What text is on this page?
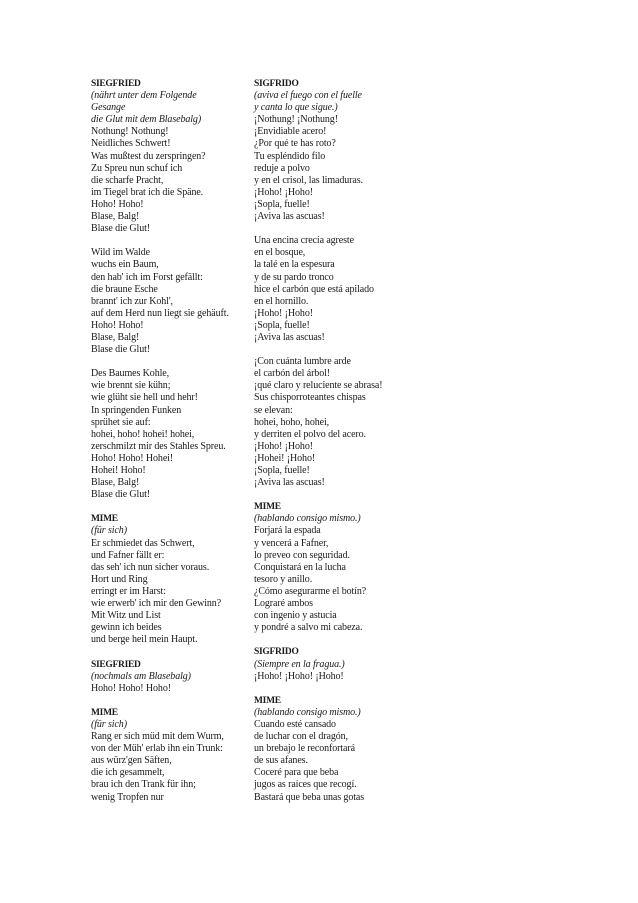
SIEGFRIED
(nährt unter dem Folgende
Gesange
die Glut mit dem Blasebalg)
Nothung! Nothung!
Neidliches Schwert!
Was mußtest du zerspringen?
Zu Spreu nun schuf ich
die scharfe Pracht,
im Tiegel brat ich die Späne.
Hoho! Hoho!
Blase, Balg!
Blase die Glut!
Wild im Walde
wuchs ein Baum,
den hab' ich im Forst gefällt:
die braune Esche
brannt' ich zur Kohl',
auf dem Herd nun liegt sie gehäuft.
Hoho! Hoho!
Blase, Balg!
Blase die Glut!
Des Baumes Kohle,
wie brennt sie kühn;
wie glüht sie hell und hehr!
In springenden Funken
sprühet sie auf:
hohei, hoho! hohei! hohei,
zerschmilzt mir des Stahles Spreu.
Hoho! Hoho! Hohei!
Hohei! Hoho!
Blase, Balg!
Blase die Glut!
MIME
(für sich)
Er schmiedet das Schwert,
und Fafner fällt er:
das seh' ich nun sicher voraus.
Hort und Ring
erringt er im Harst:
wie erwerb' ich mir den Gewinn?
Mit Witz und List
gewinn ich beides
und berge heil mein Haupt.
SIEGFRIED
(nochmals am Blasebalg)
Hoho! Hoho! Hoho!
MIME
(für sich)
Rang er sich müd mit dem Wurm,
von der Müh' erlab ihn ein Trunk:
aus würz'gen Säften,
die ich gesammelt,
brau ich den Trank für ihn;
wenig Tropfen nur
SIGFRIDO
(aviva el fuego con el fuelle
y canta lo que sigue.)
¡Nothung! ¡Nothung!
¡Envidiable acero!
¿Por qué te has roto?
Tu espléndido filo
reduje a polvo
y en el crisol, las limaduras.
¡Hoho! ¡Hoho!
¡Sopla, fuelle!
¡Aviva las ascuas!
Una encina crecía agreste
en el bosque,
la talé en la espesura
y de su pardo tronco
hice el carbón que está apilado
en el hornillo.
¡Hoho! ¡Hoho!
¡Sopla, fuelle!
¡Aviva las ascuas!
¡Con cuánta lumbre arde
el carbón del árbol!
¡qué claro y reluciente se abrasa!
Sus chisporroteantes chispas
se elevan:
hohei, hoho, hohei,
y derriten el polvo del acero.
¡Hoho! ¡Hoho!
¡Hohei! ¡Hoho!
¡Sopla, fuelle!
¡Aviva las ascuas!
MIME
(hablando consigo mismo.)
Forjará la espada
y vencerá a Fafner,
lo preveo con seguridad.
Conquistará en la lucha
tesoro y anillo.
¿Cómo asegurarme el botín?
Lograré ambos
con ingenio y astucia
y pondré a salvo mi cabeza.
SIGFRIDO
(Siempre en la fragua.)
¡Hoho! ¡Hoho! ¡Hoho!
MIME
(hablando consigo mismo.)
Cuando esté cansado
de luchar con el dragón,
un brebajo le reconfortará
de sus afanes.
Coceré para que beba
jugos as raíces que recogí.
Bastará que beba unas gotas
